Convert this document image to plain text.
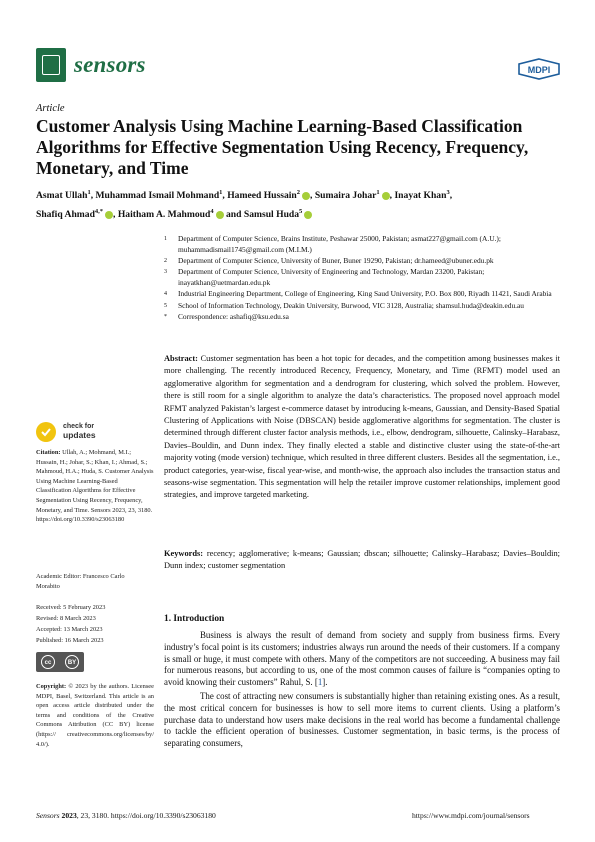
sensors	MDPI
Article
Customer Analysis Using Machine Learning-Based Classification Algorithms for Effective Segmentation Using Recency, Frequency, Monetary, and Time
Asmat Ullah$^1$, Muhammad Ismail Mohmand$^1$, Hameed Hussain$^2$ , Sumaira Johar$^1$ , Inayat Khan$^3$,
Shafiq Ahmad$^{4,*}$ , Haitham A. Mahmoud$^4$ and Samsul Huda$^5$
1	Department of Computer Science, Brains Institute, Peshawar 25000, Pakistan; asmat227@gmail.com (A.U.); muhammadismail1745@gmail.com (M.I.M.)
2	Department of Computer Science, University of Buner, Buner 19290, Pakistan; dr.hameed@ubuner.edu.pk
3	Department of Computer Science, University of Engineering and Technology, Mardan 23200, Pakistan; inayatkhan@uetmardan.edu.pk
4	Industrial Engineering Department, College of Engineering, King Saud University, P.O. Box 800, Riyadh 11421, Saudi Arabia
5	School of Information Technology, Deakin University, Burwood, VIC 3128, Australia; shamsul.huda@deakin.edu.au
*	Correspondence: ashafiq@ksu.edu.sa
Abstract: Customer segmentation has been a hot topic for decades, and the competition among businesses makes it more challenging. The recently introduced Recency, Frequency, Monetary, and Time (RFMT) model used an agglomerative algorithm for segmentation and a dendrogram for clustering, which solved the problem. However, there is still room for a single algorithm to analyze the data’s characteristics. The proposed novel approach model RFMT analyzed Pakistan’s largest e-commerce dataset by introducing k-means, Gaussian, and Density-Based Spatial Clustering of Applications with Noise (DBSCAN) beside agglomerative algorithms for segmentation. The cluster is determined through different cluster factor analysis methods, i.e., elbow, dendrogram, silhouette, Calinsky–Harabasz, Davies–Bouldin, and Dunn index. They finally elected a stable and distinctive cluster using the state-of-the-art majority voting (mode version) technique, which resulted in three different clusters. Besides all the segmentation, i.e., product categories, year-wise, fiscal year-wise, and month-wise, the approach also includes the transaction status and seasons-wise segmentation. This segmentation will help the retailer improve customer relationships, implement good strategies, and improve targeted marketing.
Keywords: recency; agglomerative; k-means; Gaussian; dbscan; silhouette; Calinsky–Harabasz; Davies–Bouldin; Dunn index; customer segmentation
check for
updates
Citation: Ullah, A.; Mohmand, M.I.; Hussain, H.; Johar, S.; Khan, I.; Ahmad, S.; Mahmoud, H.A.; Huda, S. Customer Analysis Using Machine Learning-Based Classification Algorithms for Effective Segmentation Using Recency, Frequency, Monetary, and Time. Sensors 2023, 23, 3180. https://doi.org/10.3390/s23063180
Academic Editor: Francesco Carlo Morabito
Received: 5 February 2023
Revised: 8 March 2023
Accepted: 13 March 2023
Published: 16 March 2023
cc	BY
Copyright: © 2023 by the authors. Licensee MDPI, Basel, Switzerland. This article is an open access article distributed under the terms and conditions of the Creative Commons Attribution (CC BY) license (https:// creativecommons.org/licenses/by/ 4.0/).
1. Introduction

Business is always the result of demand from society and supply from business firms. Every industry’s focal point is its customers; industries always run around the needs of their customers. If a company is small or huge, it must compete with others. Many of the competitors are not succeeding. A business may fail for numerous reasons, but according to us, one of the most common causes of failure is “companies opting to avoid knowing their customers” Rahul, S. [1].

The cost of attracting new consumers is substantially higher than retaining existing ones. As a result, the most critical concern for businesses is how to sell more items to current clients. Using a platform’s purchase data to understand how users make decisions in the real world has become a fundamental challenge to tackle the efficient operation of businesses. Customer segmentation, in basic terms, is the process of separating consumers,

Sensors 2023, 23, 3180. https://doi.org/10.3390/s23063180	https://www.mdpi.com/journal/sensors
